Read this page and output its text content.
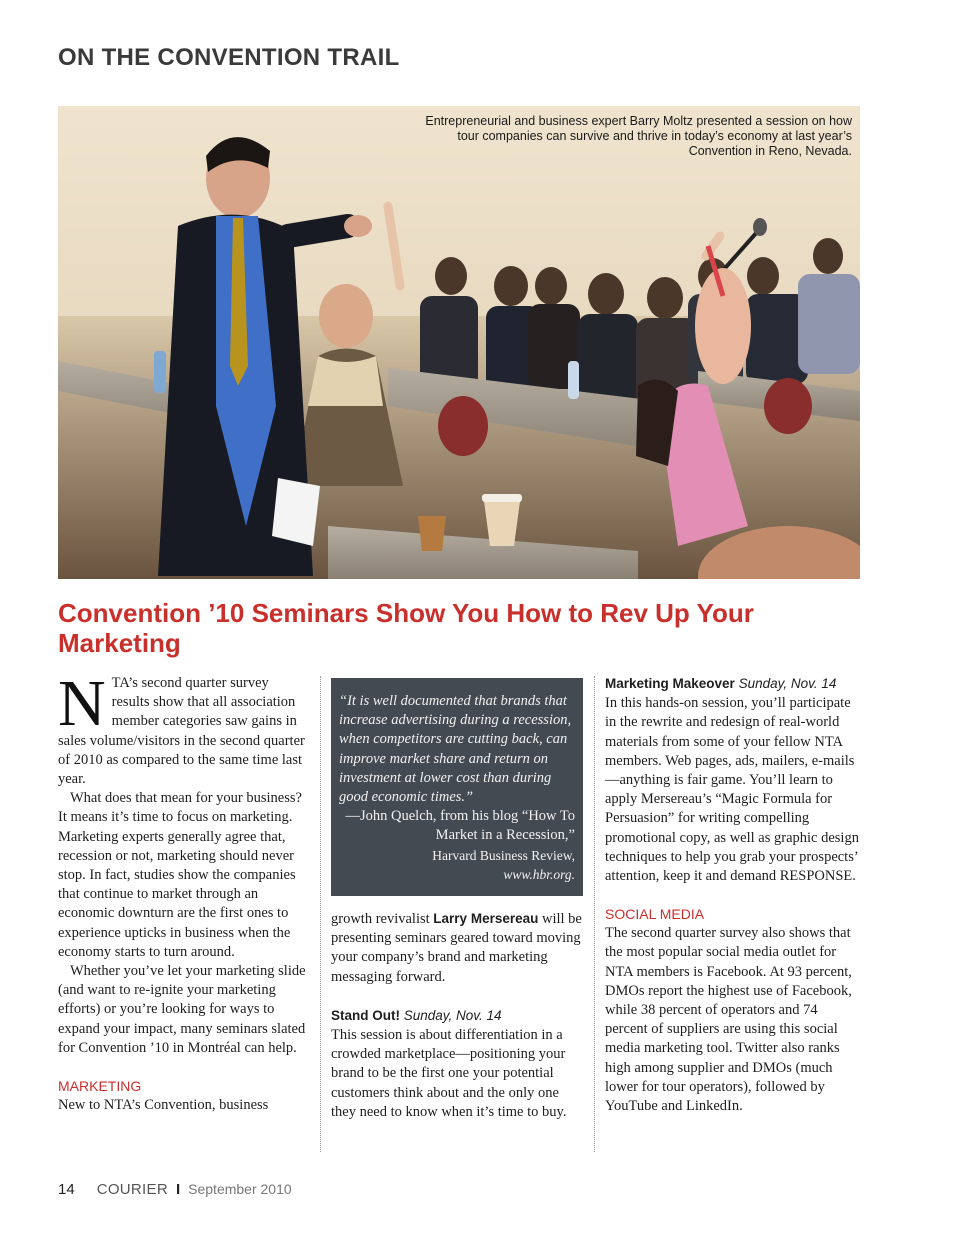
ON THE CONVENTION TRAIL
Entrepreneurial and business expert Barry Moltz presented a session on how tour companies can survive and thrive in today’s economy at last year’s Convention in Reno, Nevada.
Convention ’10 Seminars Show You How to Rev Up Your Marketing

NTA’s second quarter survey results show that all association member categories saw gains in sales volume/visitors in the second quarter of 2010 as compared to the same time last year.

What does that mean for your business? It means it’s time to focus on marketing. Marketing experts generally agree that, recession or not, marketing should never stop. In fact, studies show the companies that continue to market through an economic downturn are the first ones to experience upticks in business when the economy starts to turn around.

Whether you’ve let your marketing slide (and want to re-ignite your marketing efforts) or you’re looking for ways to expand your impact, many seminars slated for Convention ’10 in Montréal can help.

MARKETING

New to NTA’s Convention, business

“It is well documented that brands that increase advertising during a recession, when competitors are cutting back, can improve market share and return on investment at lower cost than during good economic times.”
—John Quelch, from his blog “How To Market in a Recession,”
Harvard Business Review,
www.hbr.org.

growth revivalist Larry Mersereau will be presenting seminars geared toward moving your company’s brand and marketing messaging forward.

Stand Out! Sunday, Nov. 14

This session is about differentiation in a crowded marketplace—positioning your brand to be the first one your potential customers think about and the only one they need to know when it’s time to buy.

Marketing Makeover Sunday, Nov. 14

In this hands-on session, you’ll participate in the rewrite and redesign of real-world materials from some of your fellow NTA members. Web pages, ads, mailers, e-mails—anything is fair game. You’ll learn to apply Mersereau’s “Magic Formula for Persuasion” for writing compelling promotional copy, as well as graphic design techniques to help you grab your prospects’ attention, keep it and demand RESPONSE.

SOCIAL MEDIA

The second quarter survey also shows that the most popular social media outlet for NTA members is Facebook. At 93 percent, DMOs report the highest use of Facebook, while 38 percent of operators and 74 percent of suppliers are using this social media marketing tool. Twitter also ranks high among supplier and DMOs (much lower for tour operators), followed by YouTube and LinkedIn.

14 COURIER I September 2010
